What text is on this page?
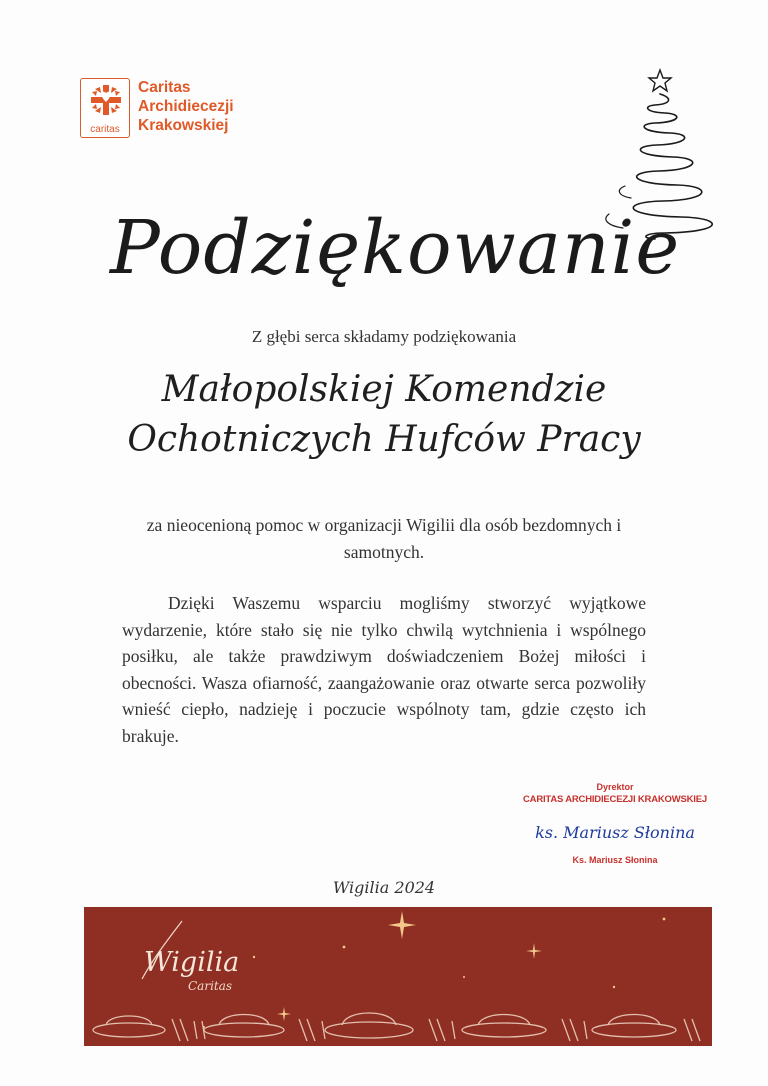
caritas
Caritas
Archidiecezji
Krakowskiej
Podziękowanie
Z głębi serca składamy podziękowania
Małopolskiej Komendzie
Ochotniczych Hufców Pracy
za nieocenioną pomoc w organizacji Wigilii dla osób bezdomnych i samotnych.
Dzięki Waszemu wsparciu mogliśmy stworzyć wyjątkowe wydarzenie, które stało się nie tylko chwilą wytchnienia i wspólnego posiłku, ale także prawdziwym doświadczeniem Bożej miłości i obecności. Wasza ofiarność, zaangażowanie oraz otwarte serca pozwoliły wnieść ciepło, nadzieję i poczucie wspólnoty tam, gdzie często ich brakuje.
Dyrektor
CARITAS ARCHIDIECEZJI KRAKOWSKIEJ
ks. Mariusz Słonina
Ks. Mariusz Słonina
Wigilia 2024
Wigilia
Caritas
